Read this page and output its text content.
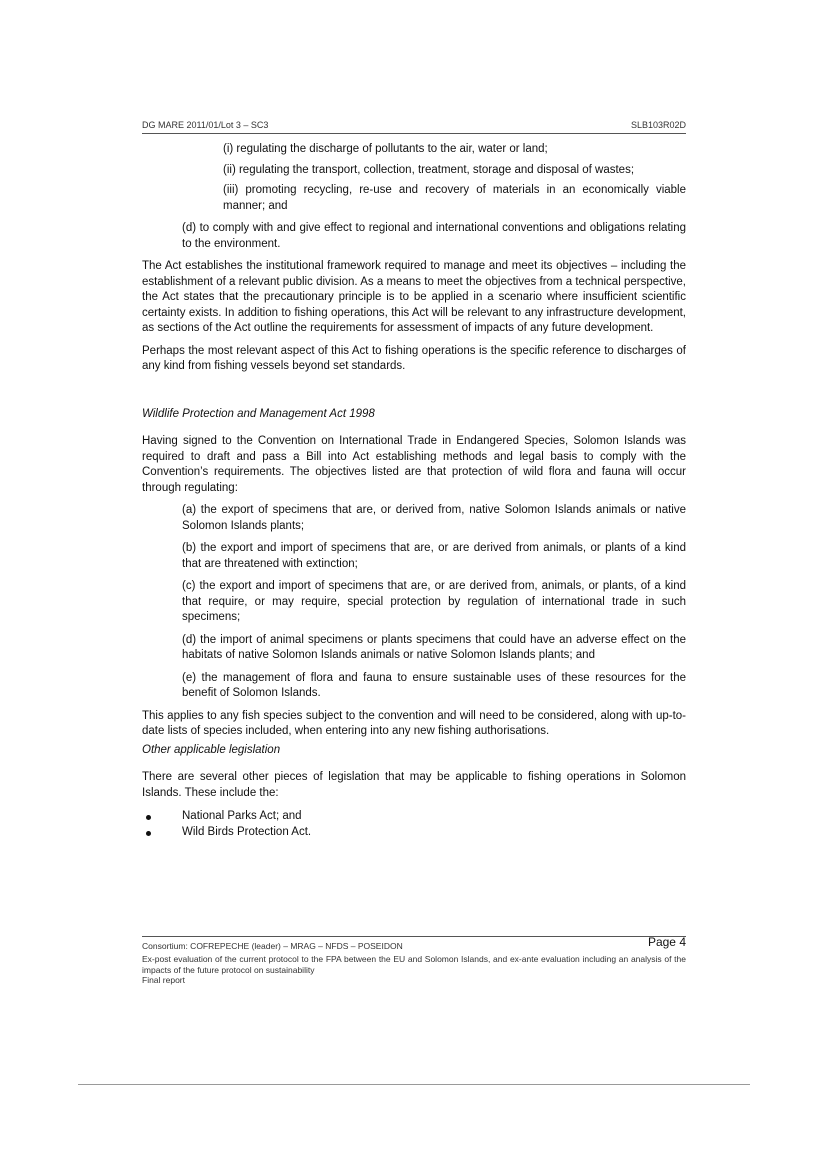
DG MARE 2011/01/Lot 3 – SC3	SLB103R02D

(i) regulating the discharge of pollutants to the air, water or land;

(ii) regulating the transport, collection, treatment, storage and disposal of wastes;

(iii) promoting recycling, re-use and recovery of materials in an economically viable manner; and

(d) to comply with and give effect to regional and international conventions and obligations relating to the environment.

The Act establishes the institutional framework required to manage and meet its objectives – including the establishment of a relevant public division. As a means to meet the objectives from a technical perspective, the Act states that the precautionary principle is to be applied in a scenario where insufficient scientific certainty exists. In addition to fishing operations, this Act will be relevant to any infrastructure development, as sections of the Act outline the requirements for assessment of impacts of any future development.

Perhaps the most relevant aspect of this Act to fishing operations is the specific reference to discharges of any kind from fishing vessels beyond set standards.

Wildlife Protection and Management Act 1998

Having signed to the Convention on International Trade in Endangered Species, Solomon Islands was required to draft and pass a Bill into Act establishing methods and legal basis to comply with the Convention’s requirements. The objectives listed are that protection of wild flora and fauna will occur through regulating:

(a) the export of specimens that are, or derived from, native Solomon Islands animals or native Solomon Islands plants;

(b) the export and import of specimens that are, or are derived from animals, or plants of a kind that are threatened with extinction;

(c) the export and import of specimens that are, or are derived from, animals, or plants, of a kind that require, or may require, special protection by regulation of international trade in such specimens;

(d) the import of animal specimens or plants specimens that could have an adverse effect on the habitats of native Solomon Islands animals or native Solomon Islands plants; and

(e) the management of flora and fauna to ensure sustainable uses of these resources for the benefit of Solomon Islands.

This applies to any fish species subject to the convention and will need to be considered, along with up-to-date lists of species included, when entering into any new fishing authorisations.

Other applicable legislation

There are several other pieces of legislation that may be applicable to fishing operations in Solomon Islands. These include the:

National Parks Act; and
Wild Birds Protection Act.
Consortium: COFREPECHE (leader) – MRAG – NFDS – POSEIDON	Page 4
Ex-post evaluation of the current protocol to the FPA between the EU and Solomon Islands, and ex-ante evaluation including an analysis of the impacts of the future protocol on sustainability
Final report
